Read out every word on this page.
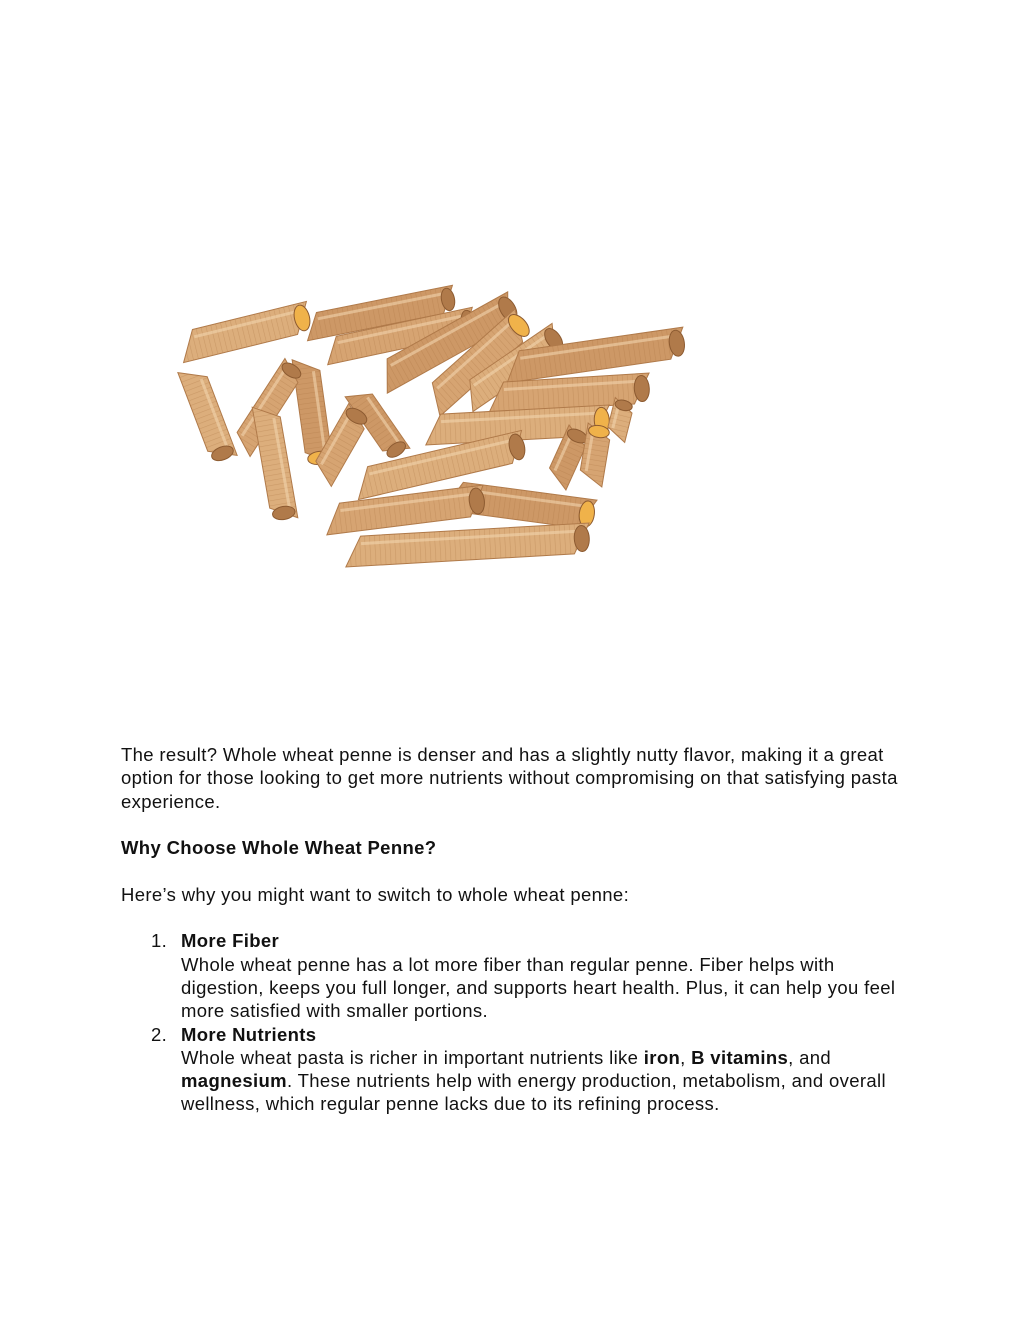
The result? Whole wheat penne is denser and has a slightly nutty flavor, making it a great option for those looking to get more nutrients without compromising on that satisfying pasta experience.

Why Choose Whole Wheat Penne?

Here’s why you might want to switch to whole wheat penne:

1. More Fiber
Whole wheat penne has a lot more fiber than regular penne. Fiber helps with digestion, keeps you full longer, and supports heart health. Plus, it can help you feel more satisfied with smaller portions.
2. More Nutrients
Whole wheat pasta is richer in important nutrients like iron, B vitamins, and magnesium. These nutrients help with energy production, metabolism, and overall wellness, which regular penne lacks due to its refining process.
